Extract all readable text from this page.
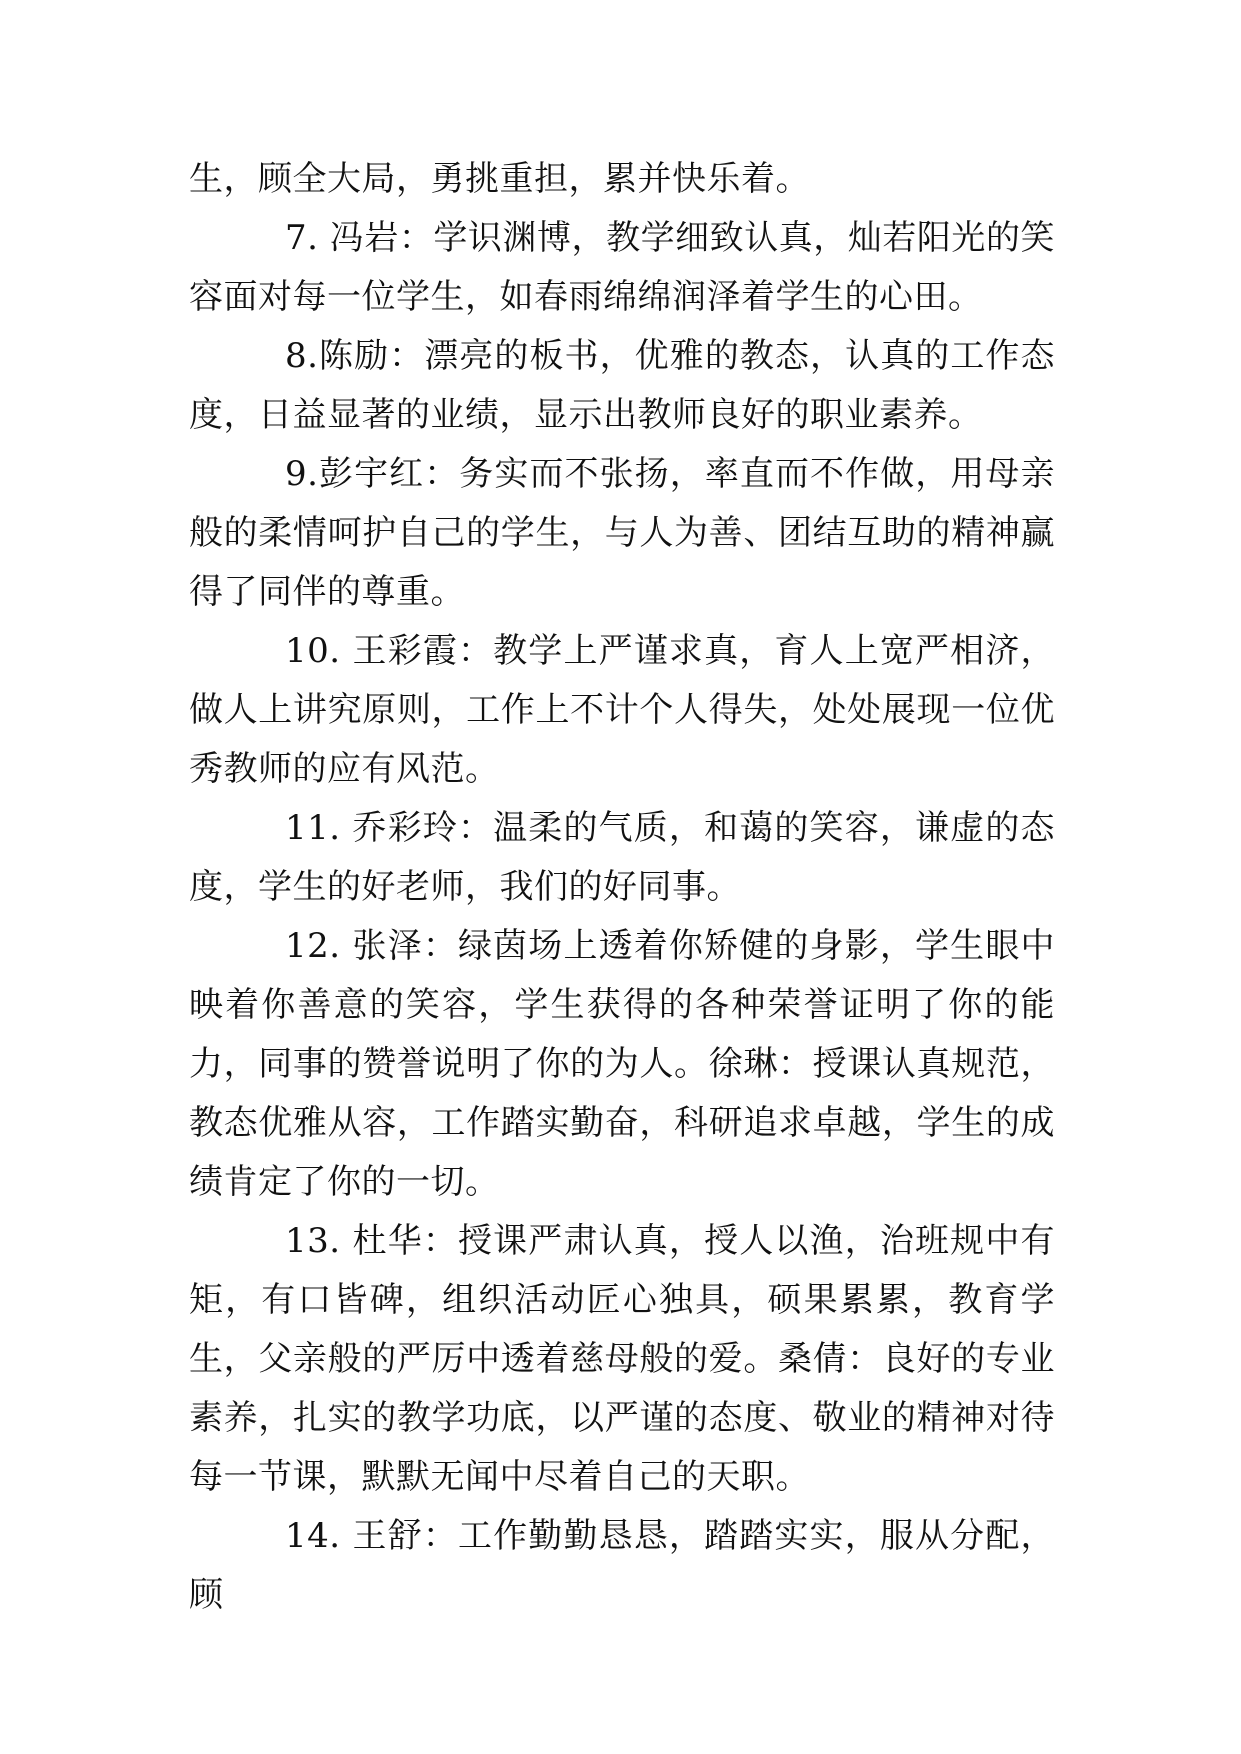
生，顾全大局，勇挑重担，累并快乐着。

7. 冯岩：学识渊博，教学细致认真，灿若阳光的笑容面对每一位学生，如春雨绵绵润泽着学生的心田。

8.陈励：漂亮的板书，优雅的教态，认真的工作态度，日益显著的业绩，显示出教师良好的职业素养。

9.彭宇红：务实而不张扬，率直而不作做，用母亲般的柔情呵护自己的学生，与人为善、团结互助的精神赢得了同伴的尊重。

10. 王彩霞：教学上严谨求真，育人上宽严相济，做人上讲究原则，工作上不计个人得失，处处展现一位优秀教师的应有风范。

11. 乔彩玲：温柔的气质，和蔼的笑容，谦虚的态度，学生的好老师，我们的好同事。

12. 张泽：绿茵场上透着你矫健的身影，学生眼中映着你善意的笑容，学生获得的各种荣誉证明了你的能力，同事的赞誉说明了你的为人。徐琳：授课认真规范，教态优雅从容，工作踏实勤奋，科研追求卓越，学生的成绩肯定了你的一切。

13. 杜华：授课严肃认真，授人以渔，治班规中有矩，有口皆碑，组织活动匠心独具，硕果累累，教育学生，父亲般的严厉中透着慈母般的爱。桑倩：良好的专业素养，扎实的教学功底，以严谨的态度、敬业的精神对待每一节课，默默无闻中尽着自己的天职。

14. 王舒：工作勤勤恳恳，踏踏实实，服从分配，顾
